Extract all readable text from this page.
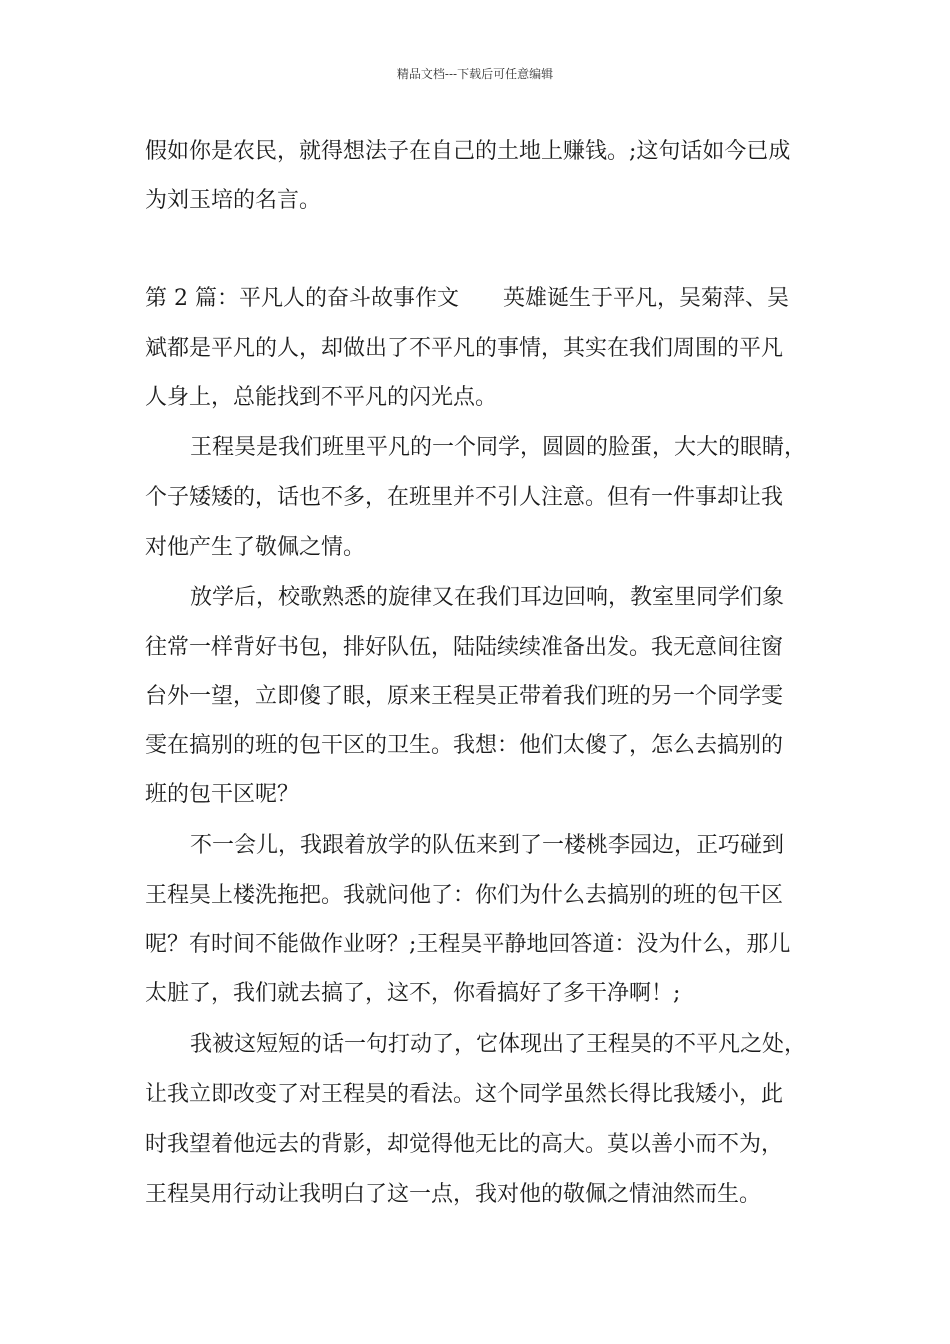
精品文档---下载后可任意编辑
假如你是农民，就得想法子在自己的土地上赚钱。;这句话如今已成
为刘玉培的名言。
第 2 篇：平凡人的奋斗故事作文 英雄诞生于平凡，吴菊萍、吴
斌都是平凡的人，却做出了不平凡的事情，其实在我们周围的平凡
人身上，总能找到不平凡的闪光点。
王程昊是我们班里平凡的一个同学，圆圆的脸蛋，大大的眼睛，
个子矮矮的，话也不多，在班里并不引人注意。但有一件事却让我
对他产生了敬佩之情。
放学后，校歌熟悉的旋律又在我们耳边回响，教室里同学们象
往常一样背好书包，排好队伍，陆陆续续准备出发。我无意间往窗
台外一望，立即傻了眼，原来王程昊正带着我们班的另一个同学雯
雯在搞别的班的包干区的卫生。我想：他们太傻了，怎么去搞别的
班的包干区呢？
不一会儿，我跟着放学的队伍来到了一楼桃李园边，正巧碰到
王程昊上楼洗拖把。我就问他了：你们为什么去搞别的班的包干区
呢？有时间不能做作业呀？;王程昊平静地回答道：没为什么，那儿
太脏了，我们就去搞了，这不，你看搞好了多干净啊！;
我被这短短的话一句打动了，它体现出了王程昊的不平凡之处，
让我立即改变了对王程昊的看法。这个同学虽然长得比我矮小，此
时我望着他远去的背影，却觉得他无比的高大。莫以善小而不为，
王程昊用行动让我明白了这一点，我对他的敬佩之情油然而生。
